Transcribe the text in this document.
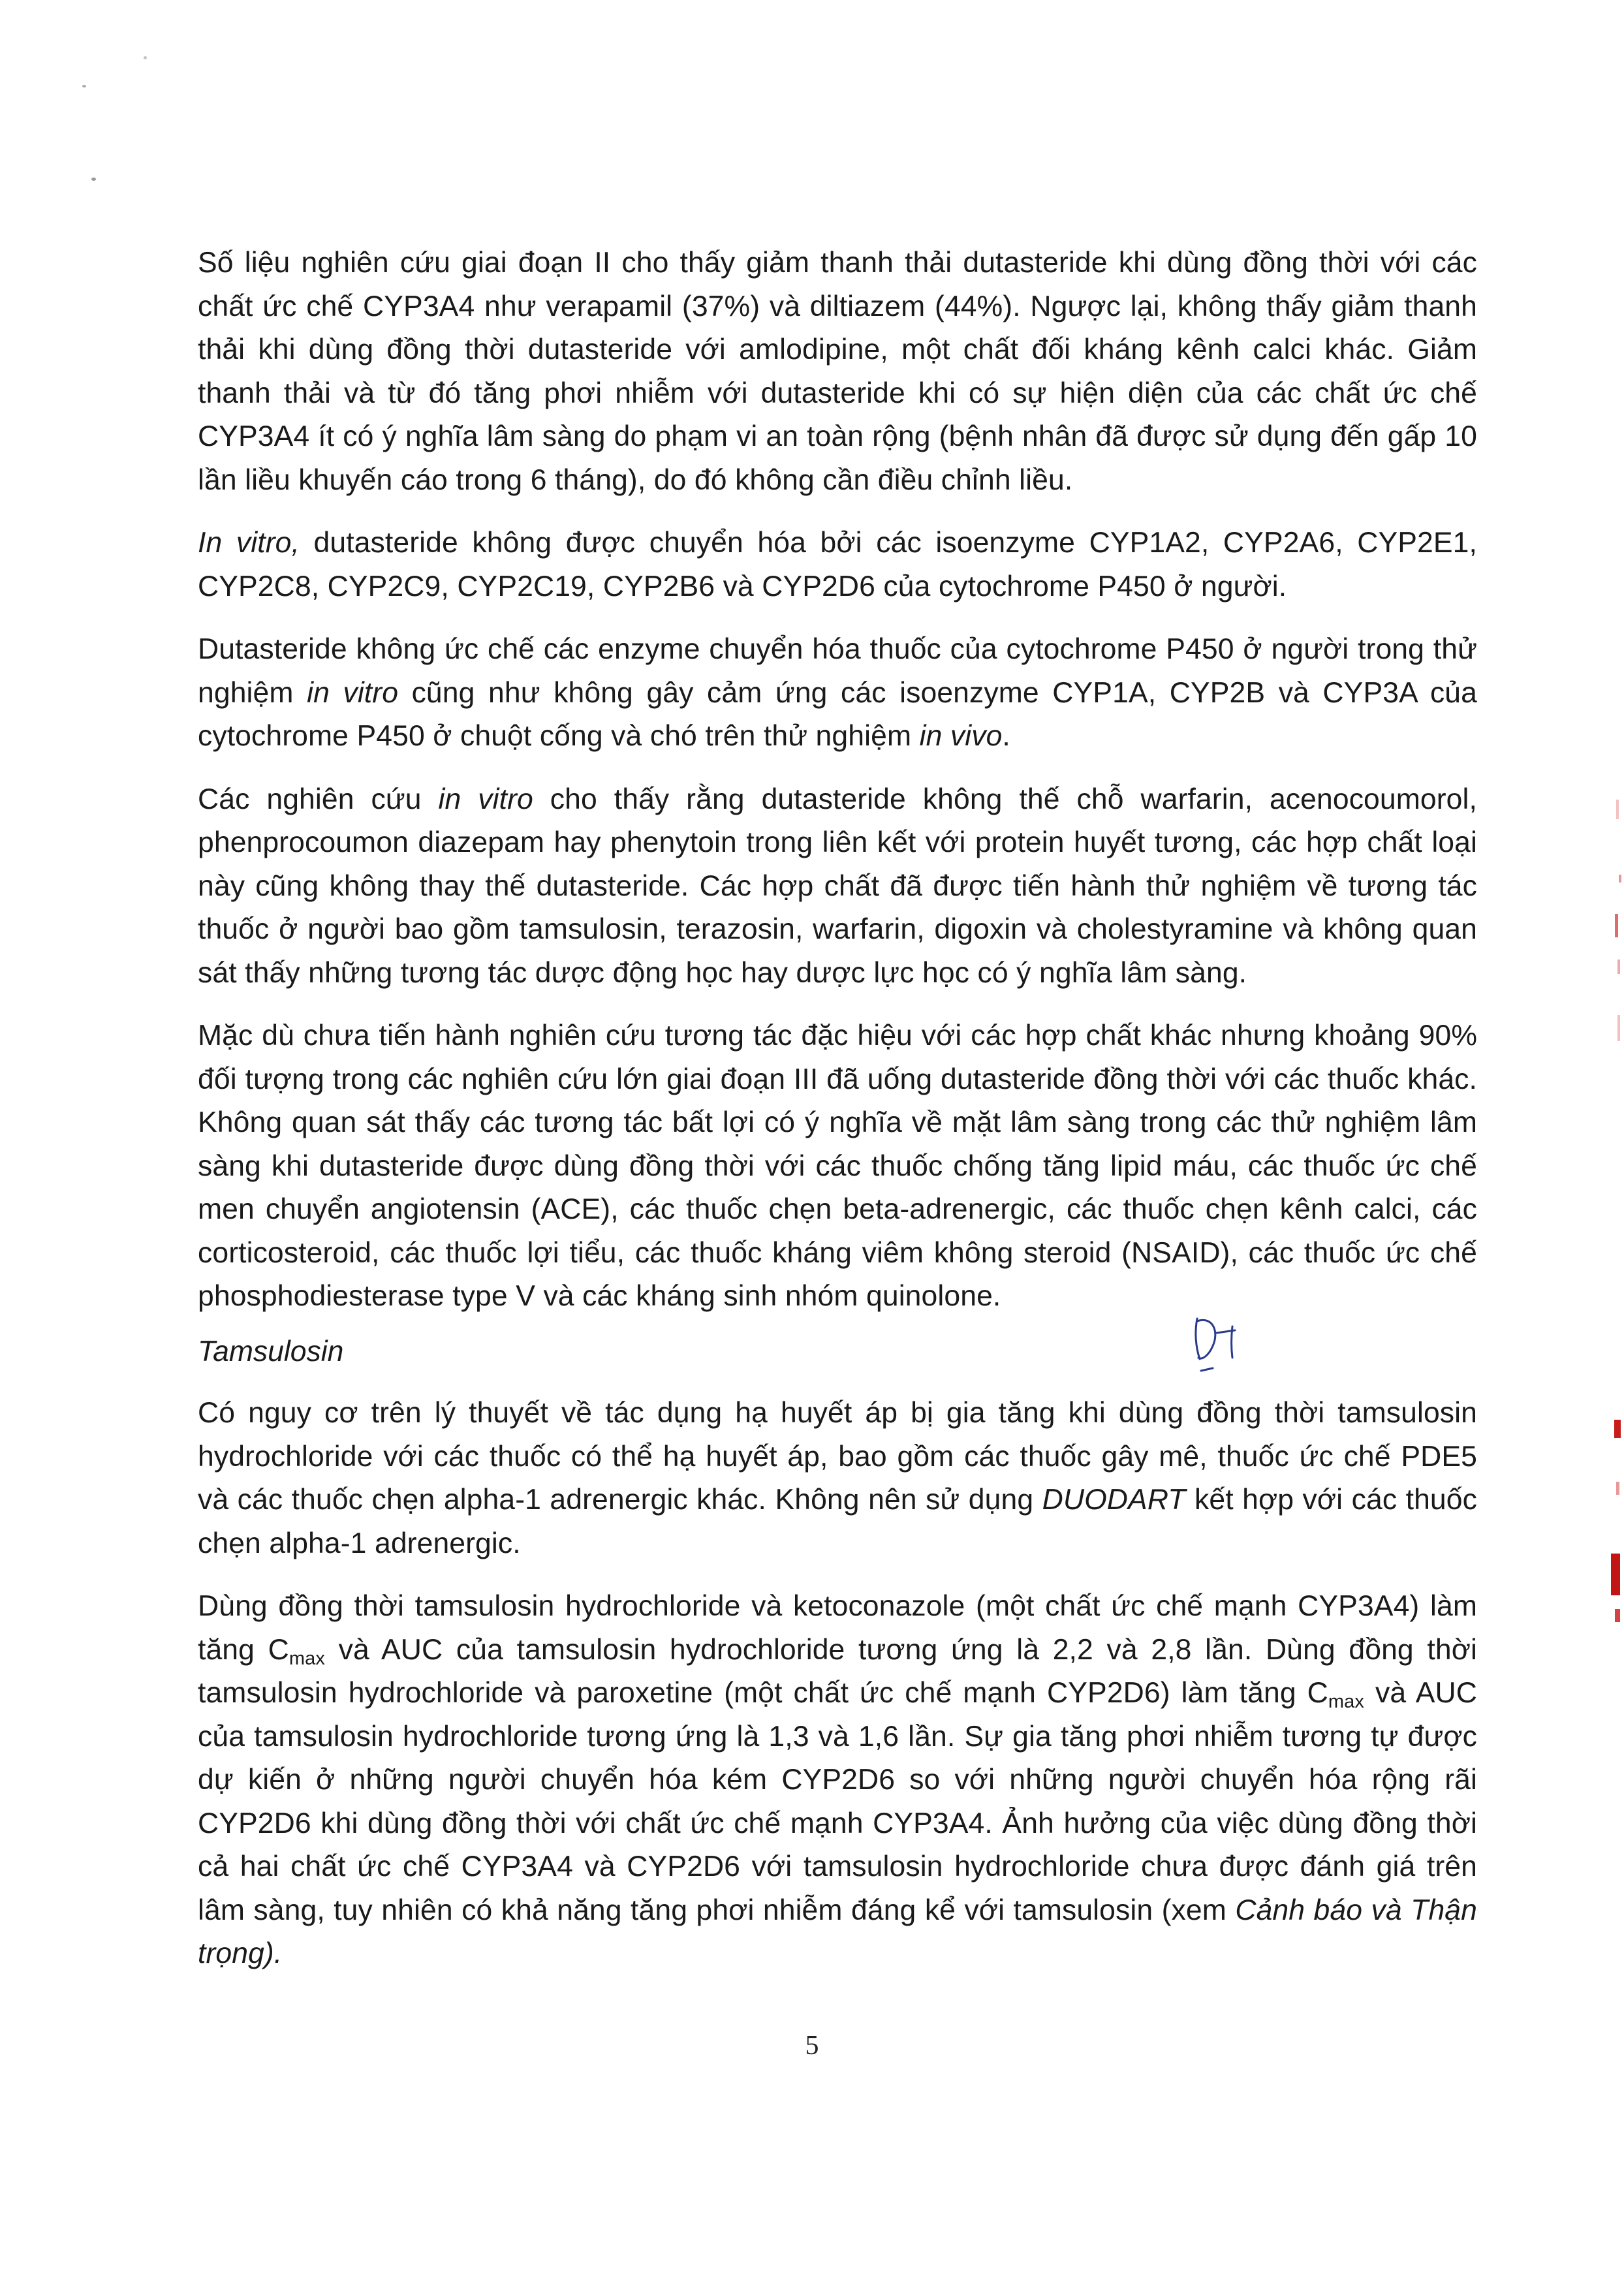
Số liệu nghiên cứu giai đoạn II cho thấy giảm thanh thải dutasteride khi dùng đồng thời với các chất ức chế CYP3A4 như verapamil (37%) và diltiazem (44%). Ngược lại, không thấy giảm thanh thải khi dùng đồng thời dutasteride với amlodipine, một chất đối kháng kênh calci khác. Giảm thanh thải và từ đó tăng phơi nhiễm với dutasteride khi có sự hiện diện của các chất ức chế CYP3A4 ít có ý nghĩa lâm sàng do phạm vi an toàn rộng (bệnh nhân đã được sử dụng đến gấp 10 lần liều khuyến cáo trong 6 tháng), do đó không cần điều chỉnh liều.

In vitro, dutasteride không được chuyển hóa bởi các isoenzyme CYP1A2, CYP2A6, CYP2E1, CYP2C8, CYP2C9, CYP2C19, CYP2B6 và CYP2D6 của cytochrome P450 ở người.

Dutasteride không ức chế các enzyme chuyển hóa thuốc của cytochrome P450 ở người trong thử nghiệm in vitro cũng như không gây cảm ứng các isoenzyme CYP1A, CYP2B và CYP3A của cytochrome P450 ở chuột cống và chó trên thử nghiệm in vivo.

Các nghiên cứu in vitro cho thấy rằng dutasteride không thế chỗ warfarin, acenocoumorol, phenprocoumon diazepam hay phenytoin trong liên kết với protein huyết tương, các hợp chất loại này cũng không thay thế dutasteride. Các hợp chất đã được tiến hành thử nghiệm về tương tác thuốc ở người bao gồm tamsulosin, terazosin, warfarin, digoxin và cholestyramine và không quan sát thấy những tương tác dược động học hay dược lực học có ý nghĩa lâm sàng.

Mặc dù chưa tiến hành nghiên cứu tương tác đặc hiệu với các hợp chất khác nhưng khoảng 90% đối tượng trong các nghiên cứu lớn giai đoạn III đã uống dutasteride đồng thời với các thuốc khác. Không quan sát thấy các tương tác bất lợi có ý nghĩa về mặt lâm sàng trong các thử nghiệm lâm sàng khi dutasteride được dùng đồng thời với các thuốc chống tăng lipid máu, các thuốc ức chế men chuyển angiotensin (ACE), các thuốc chẹn beta-adrenergic, các thuốc chẹn kênh calci, các corticosteroid, các thuốc lợi tiểu, các thuốc kháng viêm không steroid (NSAID), các thuốc ức chế phosphodiesterase type V và các kháng sinh nhóm quinolone.

Tamsulosin

Có nguy cơ trên lý thuyết về tác dụng hạ huyết áp bị gia tăng khi dùng đồng thời tamsulosin hydrochloride với các thuốc có thể hạ huyết áp, bao gồm các thuốc gây mê, thuốc ức chế PDE5 và các thuốc chẹn alpha-1 adrenergic khác. Không nên sử dụng DUODART kết hợp với các thuốc chẹn alpha-1 adrenergic.

Dùng đồng thời tamsulosin hydrochloride và ketoconazole (một chất ức chế mạnh CYP3A4) làm tăng $C_{max}$ và AUC của tamsulosin hydrochloride tương ứng là 2,2 và 2,8 lần. Dùng đồng thời tamsulosin hydrochloride và paroxetine (một chất ức chế mạnh CYP2D6) làm tăng $C_{max}$ và AUC của tamsulosin hydrochloride tương ứng là 1,3 và 1,6 lần. Sự gia tăng phơi nhiễm tương tự được dự kiến ở những người chuyển hóa kém CYP2D6 so với những người chuyển hóa rộng rãi CYP2D6 khi dùng đồng thời với chất ức chế mạnh CYP3A4. Ảnh hưởng của việc dùng đồng thời cả hai chất ức chế CYP3A4 và CYP2D6 với tamsulosin hydrochloride chưa được đánh giá trên lâm sàng, tuy nhiên có khả năng tăng phơi nhiễm đáng kể với tamsulosin (xem Cảnh báo và Thận trọng).

5
